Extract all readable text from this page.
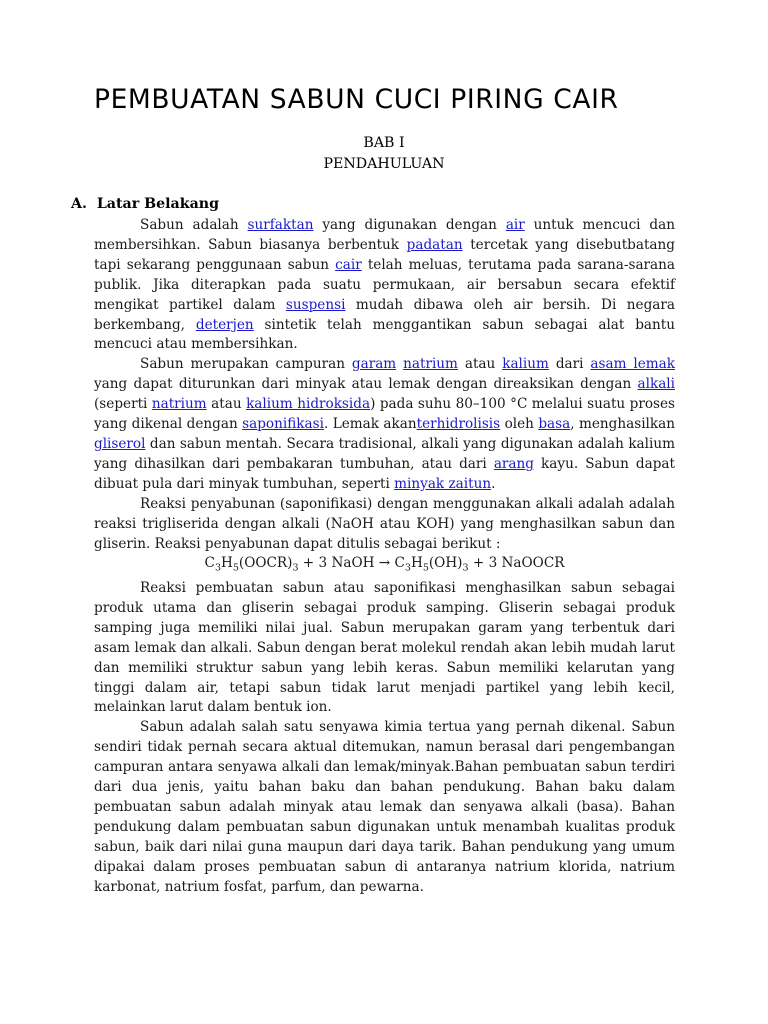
PEMBUATAN SABUN CUCI PIRING CAIR
BAB I
PENDAHULUAN
A.  Latar Belakang

Sabun adalah surfaktan yang digunakan dengan air untuk mencuci dan membersihkan. Sabun biasanya berbentuk padatan tercetak yang disebutbatang tapi sekarang penggunaan sabun cair telah meluas, terutama pada sarana-sarana publik. Jika diterapkan pada suatu permukaan, air bersabun secara efektif mengikat partikel dalam suspensi mudah dibawa oleh air bersih. Di negara berkembang, deterjen sintetik telah menggantikan sabun sebagai alat bantu mencuci atau membersihkan.

Sabun merupakan campuran garam natrium atau kalium dari asam lemak yang dapat diturunkan dari minyak atau lemak dengan direaksikan dengan alkali (seperti natrium atau kalium hidroksida) pada suhu 80–100 °C melalui suatu proses yang dikenal dengan saponifikasi. Lemak akanterhidrolisis oleh basa, menghasilkan gliserol dan sabun mentah. Secara tradisional, alkali yang digunakan adalah kalium yang dihasilkan dari pembakaran tumbuhan, atau dari arang kayu. Sabun dapat dibuat pula dari minyak tumbuhan, seperti minyak zaitun.

Reaksi penyabunan (saponifikasi) dengan menggunakan alkali adalah adalah reaksi trigliserida dengan alkali (NaOH atau KOH) yang menghasilkan sabun dan gliserin. Reaksi penyabunan dapat ditulis sebagai berikut :

$C_3H_5(OOCR)_3 + 3$ NaOH → $C_3H_5(OH)_3 + 3$ NaOOCR

Reaksi pembuatan sabun atau saponifikasi menghasilkan sabun sebagai produk utama dan gliserin sebagai produk samping. Gliserin sebagai produk samping juga memiliki nilai jual. Sabun merupakan garam yang terbentuk dari asam lemak dan alkali. Sabun dengan berat molekul rendah akan lebih mudah larut dan memiliki struktur sabun yang lebih keras. Sabun memiliki kelarutan yang tinggi dalam air, tetapi sabun tidak larut menjadi partikel yang lebih kecil, melainkan larut dalam bentuk ion.

Sabun adalah salah satu senyawa kimia tertua yang pernah dikenal. Sabun sendiri tidak pernah secara aktual ditemukan, namun berasal dari pengembangan campuran antara senyawa alkali dan lemak/minyak.Bahan pembuatan sabun terdiri dari dua jenis, yaitu bahan baku dan bahan pendukung. Bahan baku dalam pembuatan sabun adalah minyak atau lemak dan senyawa alkali (basa). Bahan pendukung dalam pembuatan sabun digunakan untuk menambah kualitas produk sabun, baik dari nilai guna maupun dari daya tarik. Bahan pendukung yang umum dipakai dalam proses pembuatan sabun di antaranya natrium klorida, natrium karbonat, natrium fosfat, parfum, dan pewarna.
